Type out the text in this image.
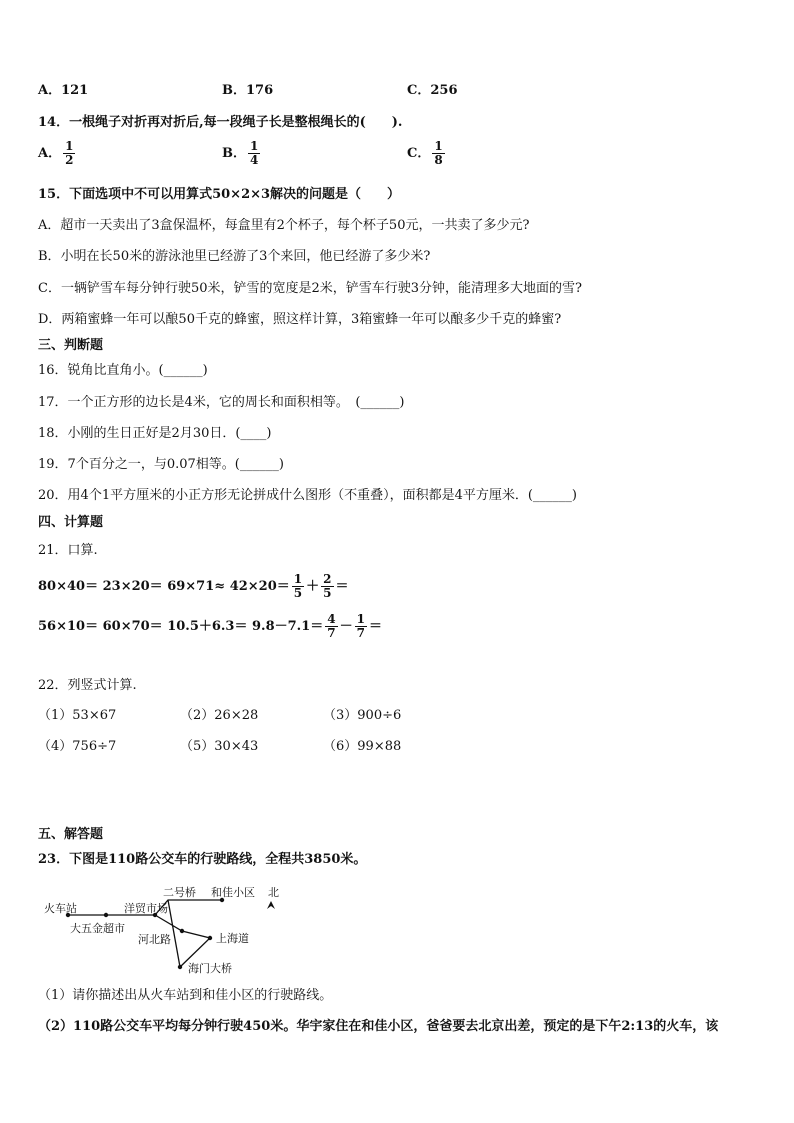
A．121	B．176	C．256
14．一根绳子对折再对折后,每一段绳子长是整根绳长的(　　).
A． $\frac{1}{2}$	B． $\frac{1}{4}$	C． $\frac{1}{8}$
15．下面选项中不可以用算式50×2×3解决的问题是（　　）
A．超市一天卖出了3盒保温杯，每盒里有2个杯子，每个杯子50元，一共卖了多少元?
B．小明在长50米的游泳池里已经游了3个来回，他已经游了多少米?
C．一辆铲雪车每分钟行驶50米，铲雪的宽度是2米，铲雪车行驶3分钟，能清理多大地面的雪?
D．两箱蜜蜂一年可以酿50千克的蜂蜜，照这样计算，3箱蜜蜂一年可以酿多少千克的蜂蜜?
三、判断题
16．锐角比直角小。(______)
17．一个正方形的边长是4米，它的周长和面积相等。　(______)
18．小刚的生日正好是2月30日．(____)
19．7个百分之一，与0.07相等。(______)
20．用4个1平方厘米的小正方形无论拼成什么图形（不重叠），面积都是4平方厘米．(______)
四、计算题
21．口算.
$80\times 40= 23\times 20= 69\times 71\approx 42\times 20= \frac{1}{5} + \frac{2}{5}$ ＝
$56\times 10= 60\times 70= 10.5+6.3= 9.8-7.1= \frac{4}{7} - \frac{1}{7}$ ＝
22．列竖式计算.
（1）53×67	（2）26×28	（3）900÷6
（4）756÷7	（5）30×43	（6）99×88
五、解答题
23．下图是110路公交车的行驶路线，全程共3850米。
火车站
大五金超市
洋贸市场
二号桥 和佳小区 北
河北路	上海道
海门大桥
（1）请你描述出从火车站到和佳小区的行驶路线。
（2）110路公交车平均每分钟行驶450米。华宇家住在和佳小区，爸爸要去北京出差，预定的是下午2:13的火车，该
